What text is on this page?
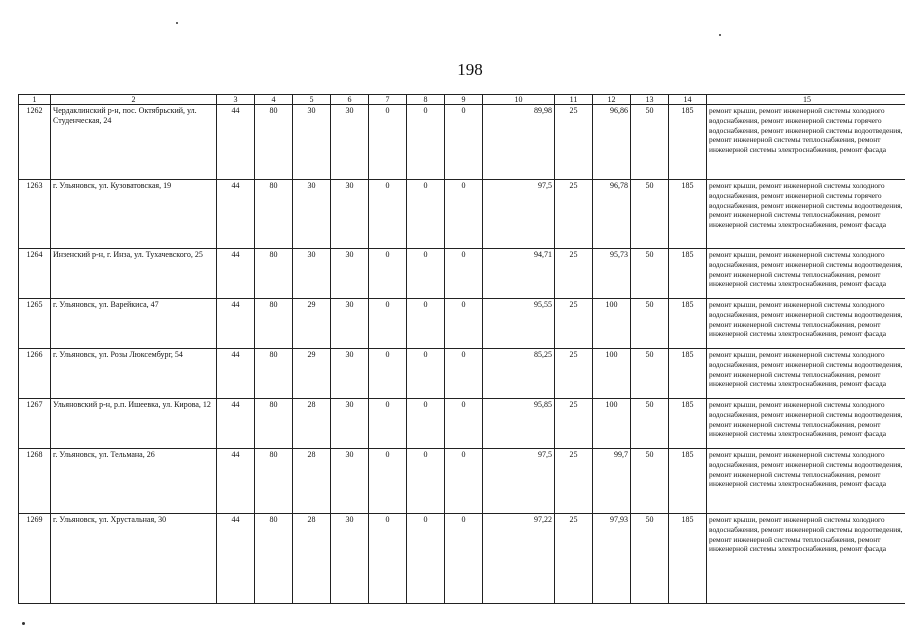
198
1	2	3	4	5	6	7	8	9	10	11	12	13	14	15
1262	Чердаклинский р-н, пос. Октябрьский, ул. Студенческая, 24	44	80	30	30	0	0	0	89,98	25	96,86	50	185	ремонт крыши, ремонт инженерной системы холодного водоснабжения, ремонт инженерной системы горячего водоснабжения, ремонт инженерной системы водоотведения, ремонт инженерной системы теплоснабжения, ремонт инженерной системы электроснабжения, ремонт фасада
1263	г. Ульяновск, ул. Кузоватовская, 19	44	80	30	30	0	0	0	97,5	25	96,78	50	185	ремонт крыши, ремонт инженерной системы холодного водоснабжения, ремонт инженерной системы горячего водоснабжения, ремонт инженерной системы водоотведения, ремонт инженерной системы теплоснабжения, ремонт инженерной системы электроснабжения, ремонт фасада
1264	Инзенский р-н, г. Инза, ул. Тухачевского, 25	44	80	30	30	0	0	0	94,71	25	95,73	50	185	ремонт крыши, ремонт инженерной системы холодного водоснабжения, ремонт инженерной системы водоотведения, ремонт инженерной системы теплоснабжения, ремонт инженерной системы электроснабжения, ремонт фасада
1265	г. Ульяновск, ул. Варейкиса, 47	44	80	29	30	0	0	0	95,55	25	100	50	185	ремонт крыши, ремонт инженерной системы холодного водоснабжения, ремонт инженерной системы водоотведения, ремонт инженерной системы теплоснабжения, ремонт инженерной системы электроснабжения, ремонт фасада
1266	г. Ульяновск, ул. Розы Люксембург, 54	44	80	29	30	0	0	0	85,25	25	100	50	185	ремонт крыши, ремонт инженерной системы холодного водоснабжения, ремонт инженерной системы водоотведения, ремонт инженерной системы теплоснабжения, ремонт инженерной системы электроснабжения, ремонт фасада
1267	Ульяновский р-н, р.п. Ишеевка, ул. Кирова, 12	44	80	28	30	0	0	0	95,85	25	100	50	185	ремонт крыши, ремонт инженерной системы холодного водоснабжения, ремонт инженерной системы водоотведения, ремонт инженерной системы теплоснабжения, ремонт инженерной системы электроснабжения, ремонт фасада
1268	г. Ульяновск, ул. Тельмана, 26	44	80	28	30	0	0	0	97,5	25	99,7	50	185	ремонт крыши, ремонт инженерной системы холодного водоснабжения, ремонт инженерной системы водоотведения, ремонт инженерной системы теплоснабжения, ремонт инженерной системы электроснабжения, ремонт фасада
1269	г. Ульяновск, ул. Хрустальная, 30	44	80	28	30	0	0	0	97,22	25	97,93	50	185	ремонт крыши, ремонт инженерной системы холодного водоснабжения, ремонт инженерной системы водоотведения, ремонт инженерной системы теплоснабжения, ремонт инженерной системы электроснабжения, ремонт фасада
